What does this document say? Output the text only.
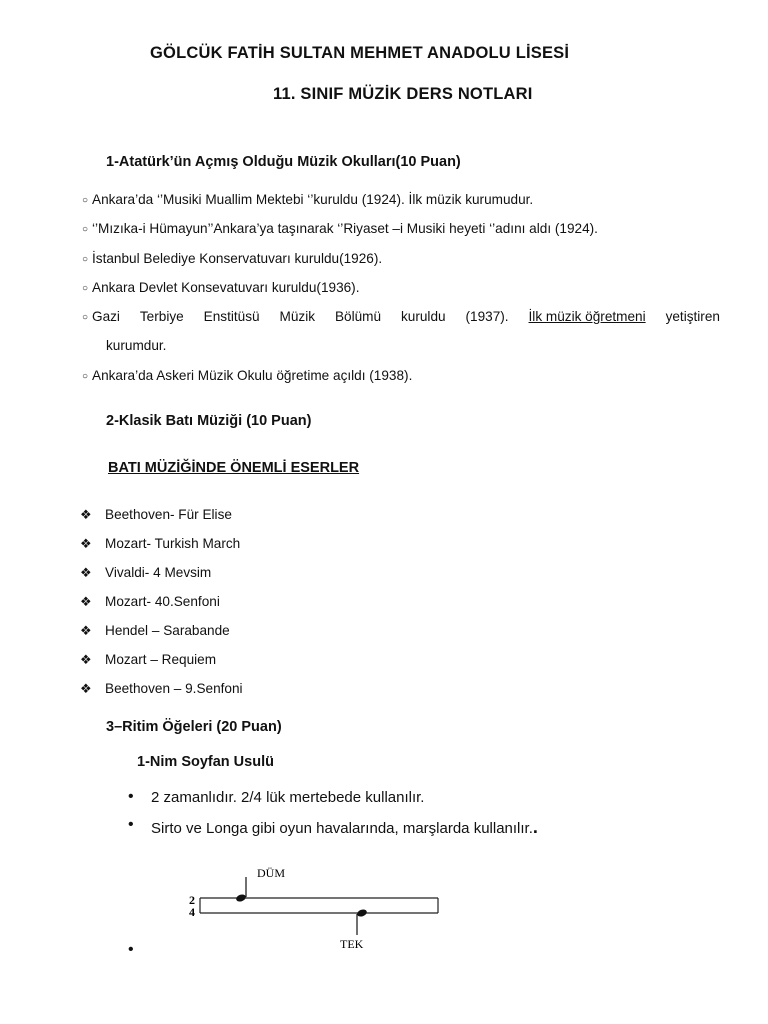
GÖLCÜK FATİH SULTAN MEHMET ANADOLU LİSESİ
11. SINIF MÜZİK DERS NOTLARI
1-Atatürk’ün Açmış Olduğu Müzik Okulları(10 Puan)
○ Ankara’da ‘’Musiki Muallim Mektebi ‘’kuruldu (1924). İlk müzik kurumudur.
○ ‘’Mızıka-i Hümayun’’Ankara’ya taşınarak ‘’Riyaset –i Musiki heyeti ‘’adını aldı (1924).
○ İstanbul Belediye Konservatuvarı kuruldu(1926).
○ Ankara Devlet Konsevatuvarı kuruldu(1936).
○ Gazi Terbiye Enstitüsü Müzik Bölümü kuruldu (1937). İlk müzik öğretmeni yetiştiren
kurumdur.
○ Ankara’da Askeri Müzik Okulu öğretime açıldı (1938).
2-Klasik Batı Müziği (10 Puan)
BATI MÜZİĞİNDE ÖNEMLİ ESERLER
❖ Beethoven- Für Elise
❖ Mozart- Turkish March
❖ Vivaldi- 4 Mevsim
❖ Mozart- 40.Senfoni
❖ Hendel – Sarabande
❖ Mozart – Requiem
❖ Beethoven – 9.Senfoni
3–Ritim Öğeleri (20 Puan)
1-Nim Soyfan Usulü
• 2 zamanlıdır. 2/4 lük mertebede kullanılır.
• Sirto ve Longa gibi oyun havalarında, marşlarda kullanılır..
DÜM
2
4
TEK
•
